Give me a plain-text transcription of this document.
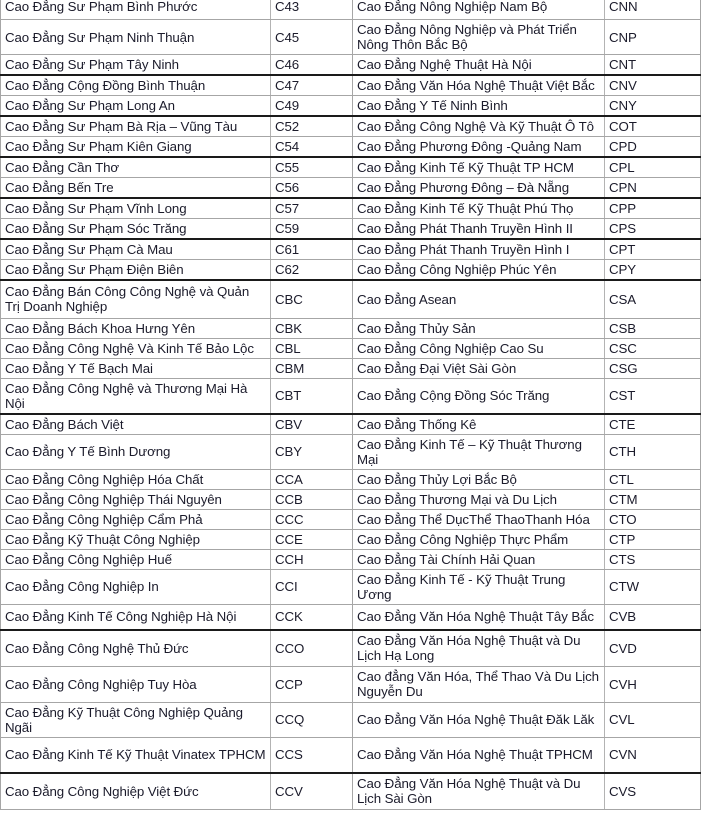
Cao Đẳng Sư Phạm Bình Phước	C43	Cao Đẳng Nông Nghiệp Nam Bộ	CNN
Cao Đẳng Sư Phạm Ninh Thuận	C45	Cao Đẳng Nông Nghiệp và Phát Triển Nông Thôn Bắc Bộ	CNP
Cao Đẳng Sư Phạm Tây Ninh	C46	Cao Đẳng Nghệ Thuật Hà Nội	CNT
Cao Đẳng Cộng Đồng Bình Thuận	C47	Cao Đẳng Văn Hóa Nghệ Thuật Việt Bắc	CNV
Cao Đẳng Sư Phạm Long An	C49	Cao Đẳng Y Tế Ninh Bình	CNY
Cao Đẳng Sư Phạm Bà Rịa – Vũng Tàu	C52	Cao Đẳng Công Nghệ Và Kỹ Thuật Ô Tô	COT
Cao Đẳng Sư Phạm Kiên Giang	C54	Cao Đẳng Phương Đông -Quảng Nam	CPD
Cao Đẳng Cần Thơ	C55	Cao Đẳng Kinh Tế Kỹ Thuật TP HCM	CPL
Cao Đẳng Bến Tre	C56	Cao Đẳng Phương Đông – Đà Nẵng	CPN
Cao Đẳng Sư Phạm Vĩnh Long	C57	Cao Đẳng Kinh Tế Kỹ Thuật Phú Thọ	CPP
Cao Đẳng Sư Phạm Sóc Trăng	C59	Cao Đẳng Phát Thanh Truyền Hình II	CPS
Cao Đẳng Sư Phạm Cà Mau	C61	Cao Đẳng Phát Thanh Truyền Hình I	CPT
Cao Đẳng Sư Phạm Điện Biên	C62	Cao Đẳng Công Nghiệp Phúc Yên	CPY
Cao Đẳng Bán Công Công Nghệ và Quản Trị Doanh Nghiệp	CBC	Cao Đẳng Asean	CSA
Cao Đẳng Bách Khoa Hưng Yên	CBK	Cao Đẳng Thủy Sản	CSB
Cao Đẳng Công Nghệ Và Kinh Tế Bảo Lộc	CBL	Cao Đẳng Công Nghiệp Cao Su	CSC
Cao Đẳng Y Tế Bạch Mai	CBM	Cao Đẳng Đại Việt Sài Gòn	CSG
Cao Đẳng Công Nghệ và Thương Mại Hà Nội	CBT	Cao Đẳng Cộng Đồng Sóc Trăng	CST
Cao Đẳng Bách Việt	CBV	Cao Đẳng Thống Kê	CTE
Cao Đẳng Y Tế Bình Dương	CBY	Cao Đẳng Kinh Tế – Kỹ Thuật Thương Mại	CTH
Cao Đẳng Công Nghiệp Hóa Chất	CCA	Cao Đẳng Thủy Lợi Bắc Bộ	CTL
Cao Đẳng Công Nghiệp Thái Nguyên	CCB	Cao Đẳng Thương Mại và Du Lịch	CTM
Cao Đẳng Công Nghiệp Cẩm Phả	CCC	Cao Đẳng Thể DụcThể ThaoThanh Hóa	CTO
Cao Đẳng Kỹ Thuật Công Nghiệp	CCE	Cao Đẳng Công Nghiệp Thực Phẩm	CTP
Cao Đẳng Công Nghiệp Huế	CCH	Cao Đẳng Tài Chính Hải Quan	CTS
Cao Đẳng Công Nghiệp In	CCI	Cao Đẳng Kinh Tế - Kỹ Thuật Trung Ương	CTW
Cao Đẳng Kinh Tế Công Nghiệp Hà Nội	CCK	Cao Đẳng Văn Hóa Nghệ Thuật Tây Bắc	CVB
Cao Đẳng Công Nghệ Thủ Đức	CCO	Cao Đẳng Văn Hóa Nghệ Thuật và Du Lịch Hạ Long	CVD
Cao Đẳng Công Nghiệp Tuy Hòa	CCP	Cao đẳng Văn Hóa, Thể Thao Và Du Lịch Nguyễn Du	CVH
Cao Đẳng Kỹ Thuật Công Nghiệp Quảng Ngãi	CCQ	Cao Đẳng Văn Hóa Nghệ Thuật Đăk Lăk	CVL
Cao Đẳng Kinh Tế Kỹ Thuật Vinatex TPHCM	CCS	Cao Đẳng Văn Hóa Nghệ Thuật TPHCM	CVN
Cao Đẳng Công Nghiệp Việt Đức	CCV	Cao Đẳng Văn Hóa Nghệ Thuật và Du Lịch Sài Gòn	CVS
